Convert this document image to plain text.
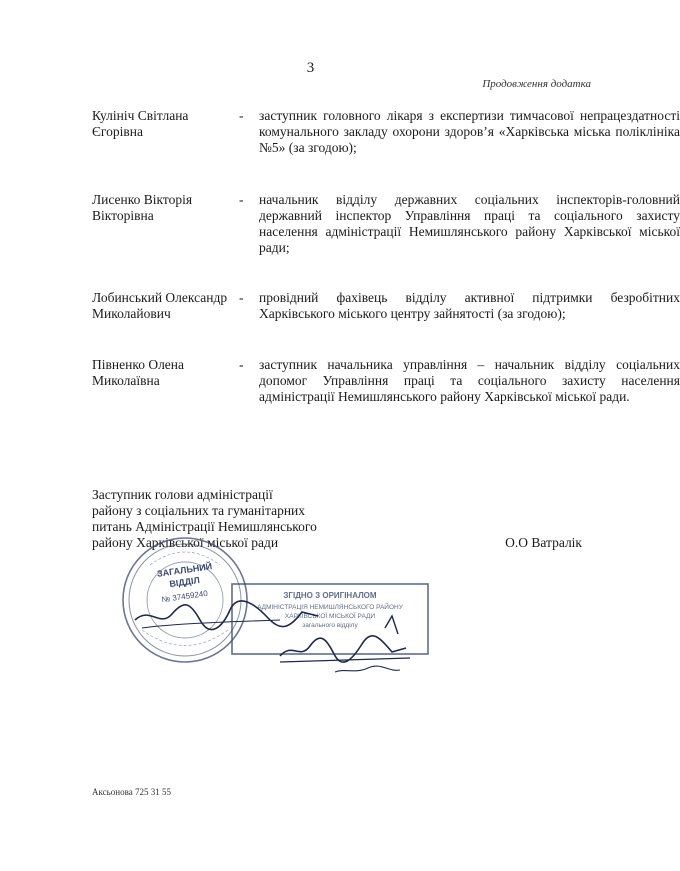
3
Продовження додатка
Кулініч Світлана Єгорівна
- заступник головного лікаря з експертизи тимчасової непрацездатності комунального закладу охорони здоров’я «Харківська міська поліклініка №5» (за згодою);
Лисенко Вікторія Вікторівна
- начальник відділу державних соціальних інспекторів-головний державний інспектор Управління праці та соціального захисту населення адміністрації Немишлянського району Харківської міської ради;
Лобинський Олександр Миколайович
- провідний фахівець відділу активної підтримки безробітних Харківського міського центру зайнятості (за згодою);
Півненко Олена Миколаївна
- заступник начальника управління – начальник відділу соціальних допомог Управління праці та соціального захисту населення адміністрації Немишлянського району Харківської міської ради.
Заступник голови адміністрації
району з соціальних та гуманітарних
питань Адміністрації Немишлянського
району Харківської міської ради	О.О Ватралік
ЗАГАЛЬНИЙ
ВІДДІЛ
№ 37459240	ЗГІДНО З ОРИГІНАЛОМ
АДМІНІСТРАЦІЯ НЕМИШЛЯНСЬКОГО РАЙОНУ
ХАРКІВСЬКОЇ МІСЬКОЇ РАДИ
загального відділу
Аксьонова 725 31 55
